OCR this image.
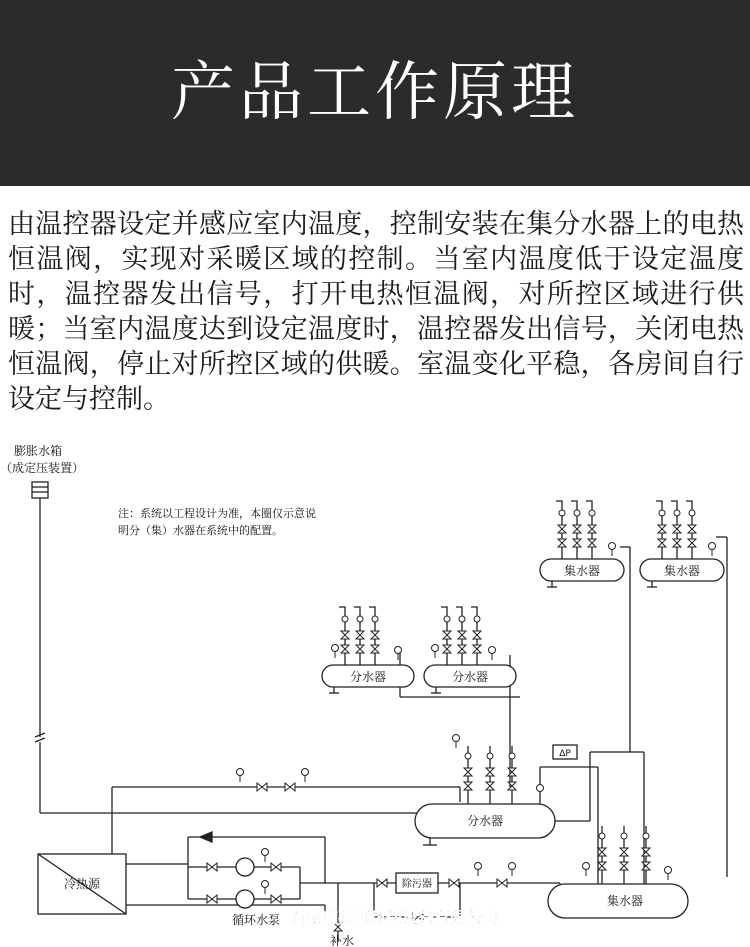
产品工作原理

由温控器设定并感应室内温度，控制安装在集分水器上的电热恒温阀，实现对采暖区域的控制。当室内温度低于设定温度时，温控器发出信号，打开电热恒温阀，对所控区域进行供暖；当室内温度达到设定温度时，温控器发出信号，关闭电热恒温阀，停止对所控区域的供暖。室温变化平稳，各房间自行设定与控制。

膨胀水箱
（成定压装置）
注：系统以工程设计为准，本圈仅示意说
明分（集）水器在系统中的配置。
分水器	分水器
集水器	集水器
分水器
集水器
除污器
冷热源
循环水泵
补水
ΔP
石家庄盈都环保设备有限公司
